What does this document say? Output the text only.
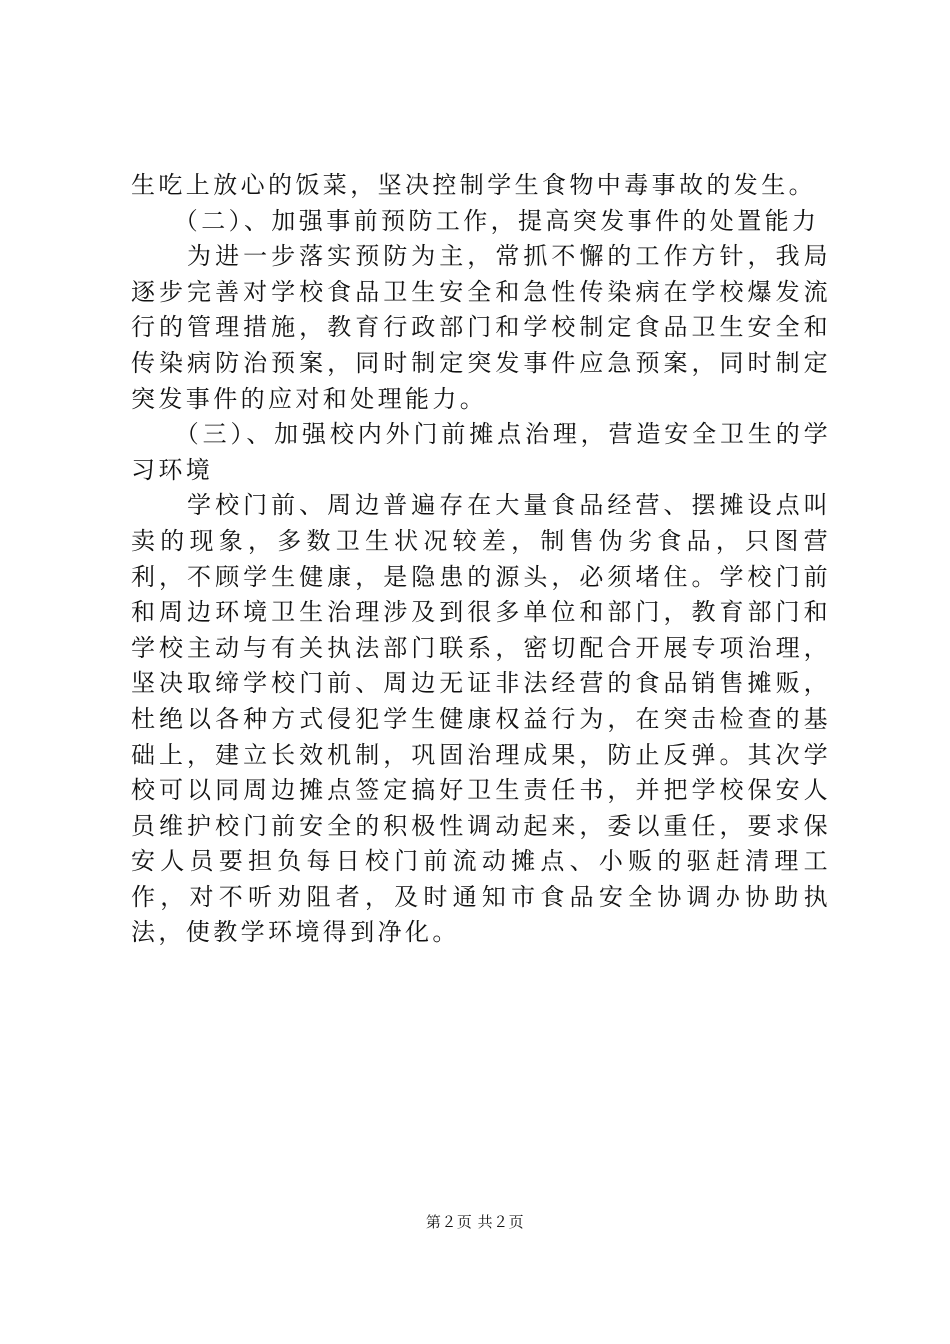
生吃上放心的饭菜，坚决控制学生食物中毒事故的发生。

　　（二）、加强事前预防工作，提高突发事件的处置能力

　　为进一步落实预防为主，常抓不懈的工作方针，我局逐步完善对学校食品卫生安全和急性传染病在学校爆发流行的管理措施，教育行政部门和学校制定食品卫生安全和传染病防治预案，同时制定突发事件应急预案，同时制定突发事件的应对和处理能力。

　　（三）、加强校内外门前摊点治理，营造安全卫生的学习环境

　　学校门前、周边普遍存在大量食品经营、摆摊设点叫卖的现象，多数卫生状况较差，制售伪劣食品，只图营利，不顾学生健康，是隐患的源头，必须堵住。学校门前和周边环境卫生治理涉及到很多单位和部门，教育部门和学校主动与有关执法部门联系，密切配合开展专项治理，坚决取缔学校门前、周边无证非法经营的食品销售摊贩，杜绝以各种方式侵犯学生健康权益行为，在突击检查的基础上，建立长效机制，巩固治理成果，防止反弹。其次学校可以同周边摊点签定搞好卫生责任书，并把学校保安人员维护校门前安全的积极性调动起来，委以重任，要求保安人员要担负每日校门前流动摊点、小贩的驱赶清理工作，对不听劝阻者，及时通知市食品安全协调办协助执法，使教学环境得到净化。

第２页 共２页
